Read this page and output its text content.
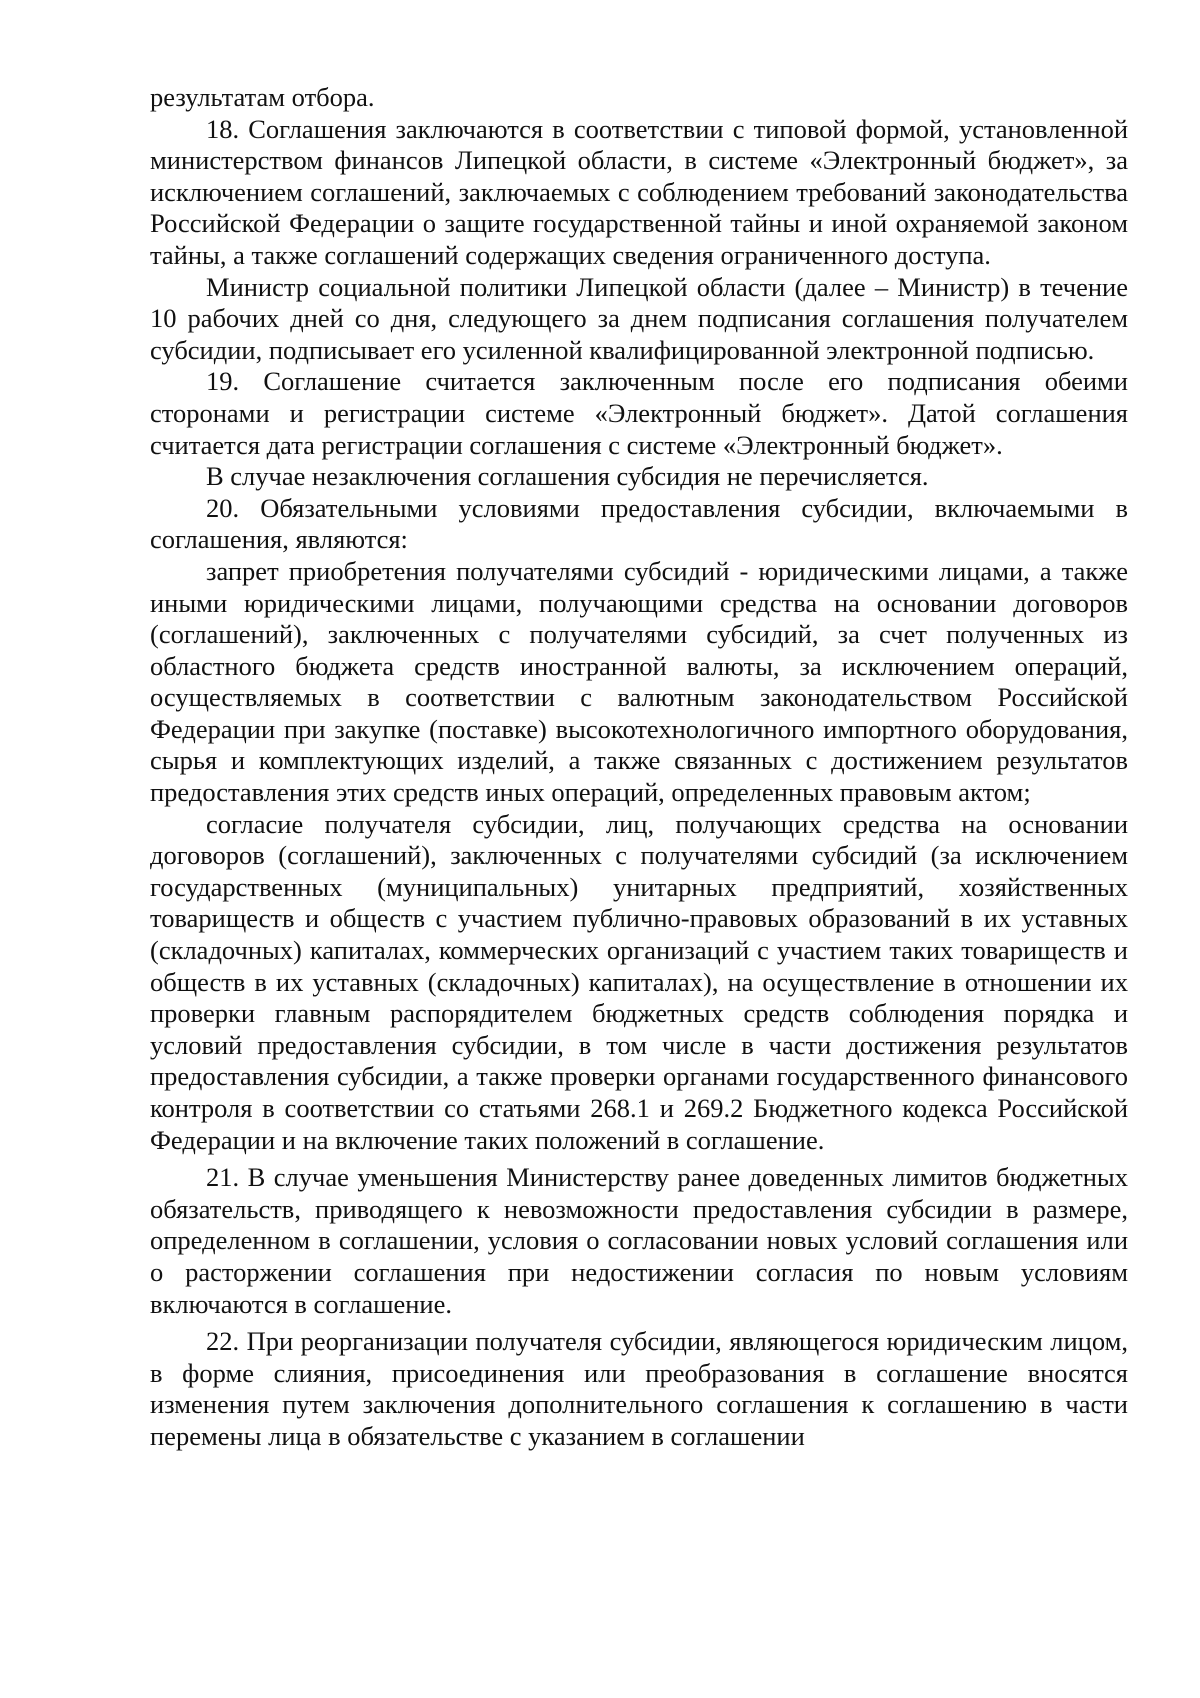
результатам отбора.

18. Соглашения заключаются в соответствии с типовой формой, установленной министерством финансов Липецкой области, в системе «Электронный бюджет», за исключением соглашений, заключаемых с соблюдением требований законодательства Российской Федерации о защите государственной тайны и иной охраняемой законом тайны, а также соглашений содержащих сведения ограниченного доступа.

Министр социальной политики Липецкой области (далее – Министр) в течение 10 рабочих дней со дня, следующего за днем подписания соглашения получателем субсидии, подписывает его усиленной квалифицированной электронной подписью.

19. Соглашение считается заключенным после его подписания обеими сторонами и регистрации системе «Электронный бюджет». Датой соглашения считается дата регистрации соглашения с системе «Электронный бюджет».

В случае незаключения соглашения субсидия не перечисляется.

20. Обязательными условиями предоставления субсидии, включаемыми в соглашения, являются:

запрет приобретения получателями субсидий - юридическими лицами, а также иными юридическими лицами, получающими средства на основании договоров (соглашений), заключенных с получателями субсидий, за счет полученных из областного бюджета средств иностранной валюты, за исключением операций, осуществляемых в соответствии с валютным законодательством Российской Федерации при закупке (поставке) высокотехнологичного импортного оборудования, сырья и комплектующих изделий, а также связанных с достижением результатов предоставления этих средств иных операций, определенных правовым актом;

согласие получателя субсидии, лиц, получающих средства на основании договоров (соглашений), заключенных с получателями субсидий (за исключением государственных (муниципальных) унитарных предприятий, хозяйственных товариществ и обществ с участием публично-правовых образований в их уставных (складочных) капиталах, коммерческих организаций с участием таких товариществ и обществ в их уставных (складочных) капиталах), на осуществление в отношении их проверки главным распорядителем бюджетных средств соблюдения порядка и условий предоставления субсидии, в том числе в части достижения результатов предоставления субсидии, а также проверки органами государственного финансового контроля в соответствии со статьями 268.1 и 269.2 Бюджетного кодекса Российской Федерации и на включение таких положений в соглашение.

21. В случае уменьшения Министерству ранее доведенных лимитов бюджетных обязательств, приводящего к невозможности предоставления субсидии в размере, определенном в соглашении, условия о согласовании новых условий соглашения или о расторжении соглашения при недостижении согласия по новым условиям включаются в соглашение.

22. При реорганизации получателя субсидии, являющегося юридическим лицом, в форме слияния, присоединения или преобразования в соглашение вносятся изменения путем заключения дополнительного соглашения к соглашению в части перемены лица в обязательстве с указанием в соглашении
